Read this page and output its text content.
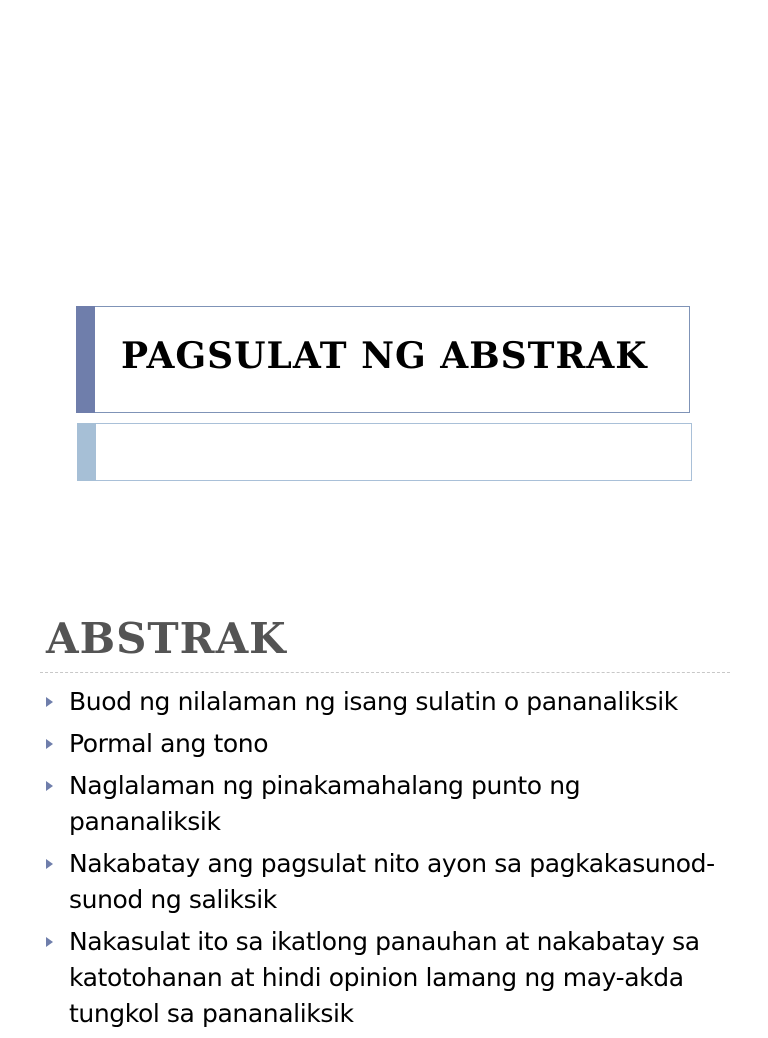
PAGSULAT NG ABSTRAK
ABSTRAK
Buod ng nilalaman ng isang sulatin o pananaliksik
Pormal ang tono
Naglalaman ng pinakamahalang punto ng pananaliksik
Nakabatay ang pagsulat nito ayon sa pagkakasunod-sunod ng saliksik
Nakasulat ito sa ikatlong panauhan at nakabatay sa katotohanan at hindi opinion lamang ng may-akda tungkol sa pananaliksik
